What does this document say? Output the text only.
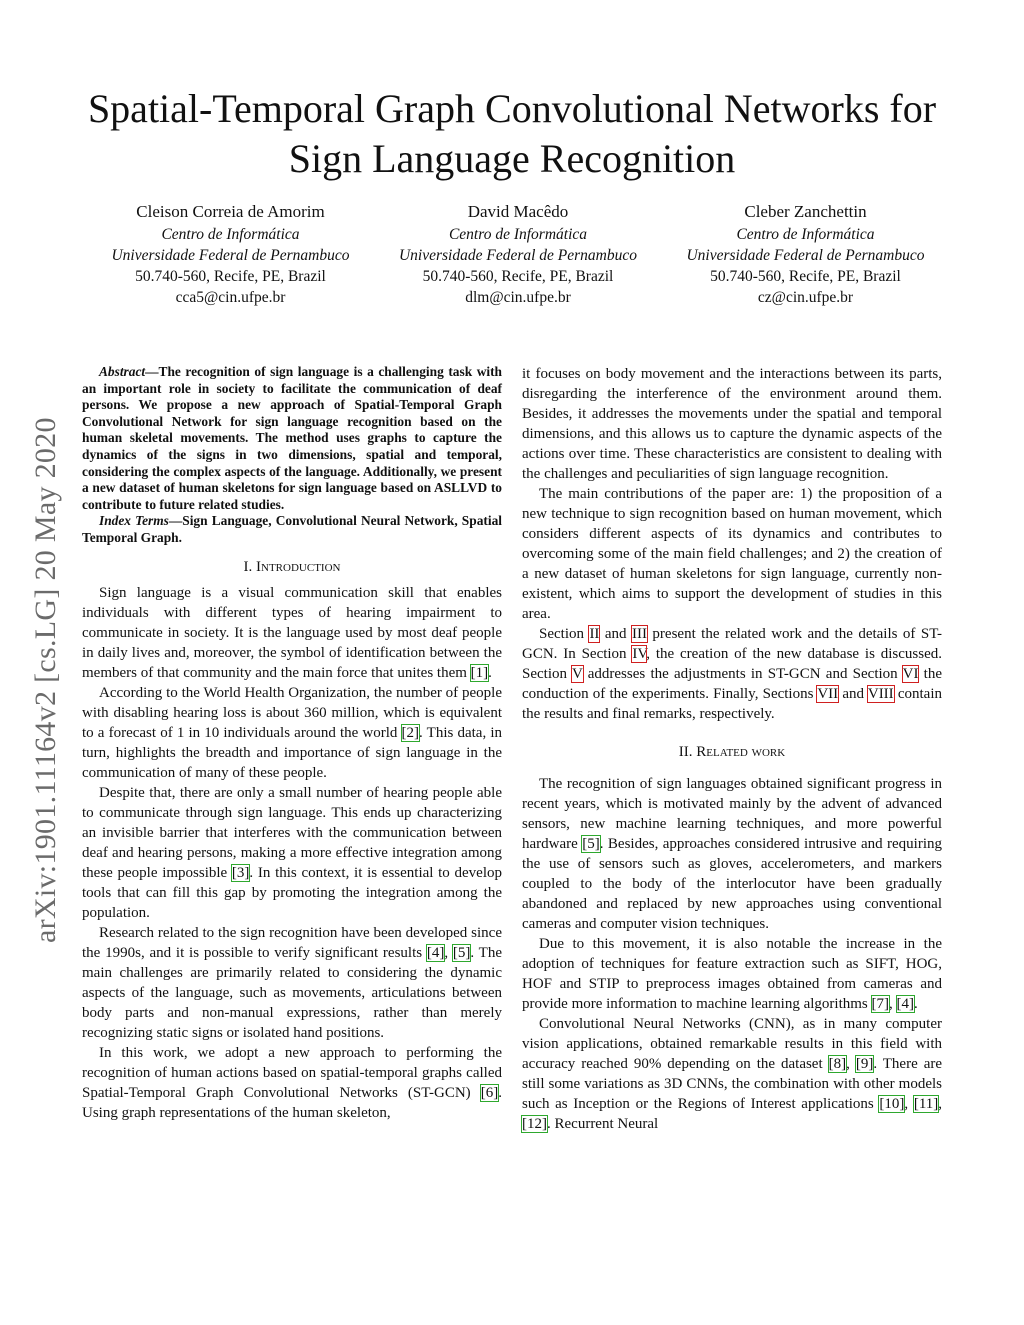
Spatial-Temporal Graph Convolutional Networks for
Sign Language Recognition
Cleison Correia de Amorim
Centro de Informática
Universidade Federal de Pernambuco
50.740-560, Recife, PE, Brazil
cca5@cin.ufpe.br
David Macêdo
Centro de Informática
Universidade Federal de Pernambuco
50.740-560, Recife, PE, Brazil
dlm@cin.ufpe.br
Cleber Zanchettin
Centro de Informática
Universidade Federal de Pernambuco
50.740-560, Recife, PE, Brazil
cz@cin.ufpe.br
arXiv:1901.11164v2 [cs.LG] 20 May 2020

Abstract—The recognition of sign language is a challenging task with an important role in society to facilitate the communication of deaf persons. We propose a new approach of Spatial-Temporal Graph Convolutional Network for sign language recognition based on the human skeletal movements. The method uses graphs to capture the dynamics of the signs in two dimensions, spatial and temporal, considering the complex aspects of the language. Additionally, we present a new dataset of human skeletons for sign language based on ASLLVD to contribute to future related studies.

Index Terms—Sign Language, Convolutional Neural Network, Spatial Temporal Graph.

I. Introduction

Sign language is a visual communication skill that enables individuals with different types of hearing impairment to communicate in society. It is the language used by most deaf people in daily lives and, moreover, the symbol of identification between the members of that community and the main force that unites them [1].

According to the World Health Organization, the number of people with disabling hearing loss is about 360 million, which is equivalent to a forecast of 1 in 10 individuals around the world [2]. This data, in turn, highlights the breadth and importance of sign language in the communication of many of these people.

Despite that, there are only a small number of hearing people able to communicate through sign language. This ends up characterizing an invisible barrier that interferes with the communication between deaf and hearing persons, making a more effective integration among these people impossible [3]. In this context, it is essential to develop tools that can fill this gap by promoting the integration among the population.

Research related to the sign recognition have been developed since the 1990s, and it is possible to verify significant results [4], [5]. The main challenges are primarily related to considering the dynamic aspects of the language, such as movements, articulations between body parts and non-manual expressions, rather than merely recognizing static signs or isolated hand positions.

In this work, we adopt a new approach to performing the recognition of human actions based on spatial-temporal graphs called Spatial-Temporal Graph Convolutional Networks (ST-GCN) [6]. Using graph representations of the human skeleton,

it focuses on body movement and the interactions between its parts, disregarding the interference of the environment around them. Besides, it addresses the movements under the spatial and temporal dimensions, and this allows us to capture the dynamic aspects of the actions over time. These characteristics are consistent to dealing with the challenges and peculiarities of sign language recognition.

The main contributions of the paper are: 1) the proposition of a new technique to sign recognition based on human movement, which considers different aspects of its dynamics and contributes to overcoming some of the main field challenges; and 2) the creation of a new dataset of human skeletons for sign language, currently non-existent, which aims to support the development of studies in this area.

Section II and III present the related work and the details of ST-GCN. In Section IV, the creation of the new database is discussed. Section V addresses the adjustments in ST-GCN and Section VI the conduction of the experiments. Finally, Sections VII and VIII contain the results and final remarks, respectively.

II. Related work

The recognition of sign languages obtained significant progress in recent years, which is motivated mainly by the advent of advanced sensors, new machine learning techniques, and more powerful hardware [5]. Besides, approaches considered intrusive and requiring the use of sensors such as gloves, accelerometers, and markers coupled to the body of the interlocutor have been gradually abandoned and replaced by new approaches using conventional cameras and computer vision techniques.

Due to this movement, it is also notable the increase in the adoption of techniques for feature extraction such as SIFT, HOG, HOF and STIP to preprocess images obtained from cameras and provide more information to machine learning algorithms [7], [4].

Convolutional Neural Networks (CNN), as in many computer vision applications, obtained remarkable results in this field with accuracy reached 90% depending on the dataset [8], [9]. There are still some variations as 3D CNNs, the combination with other models such as Inception or the Regions of Interest applications [10], [11], [12]. Recurrent Neural
